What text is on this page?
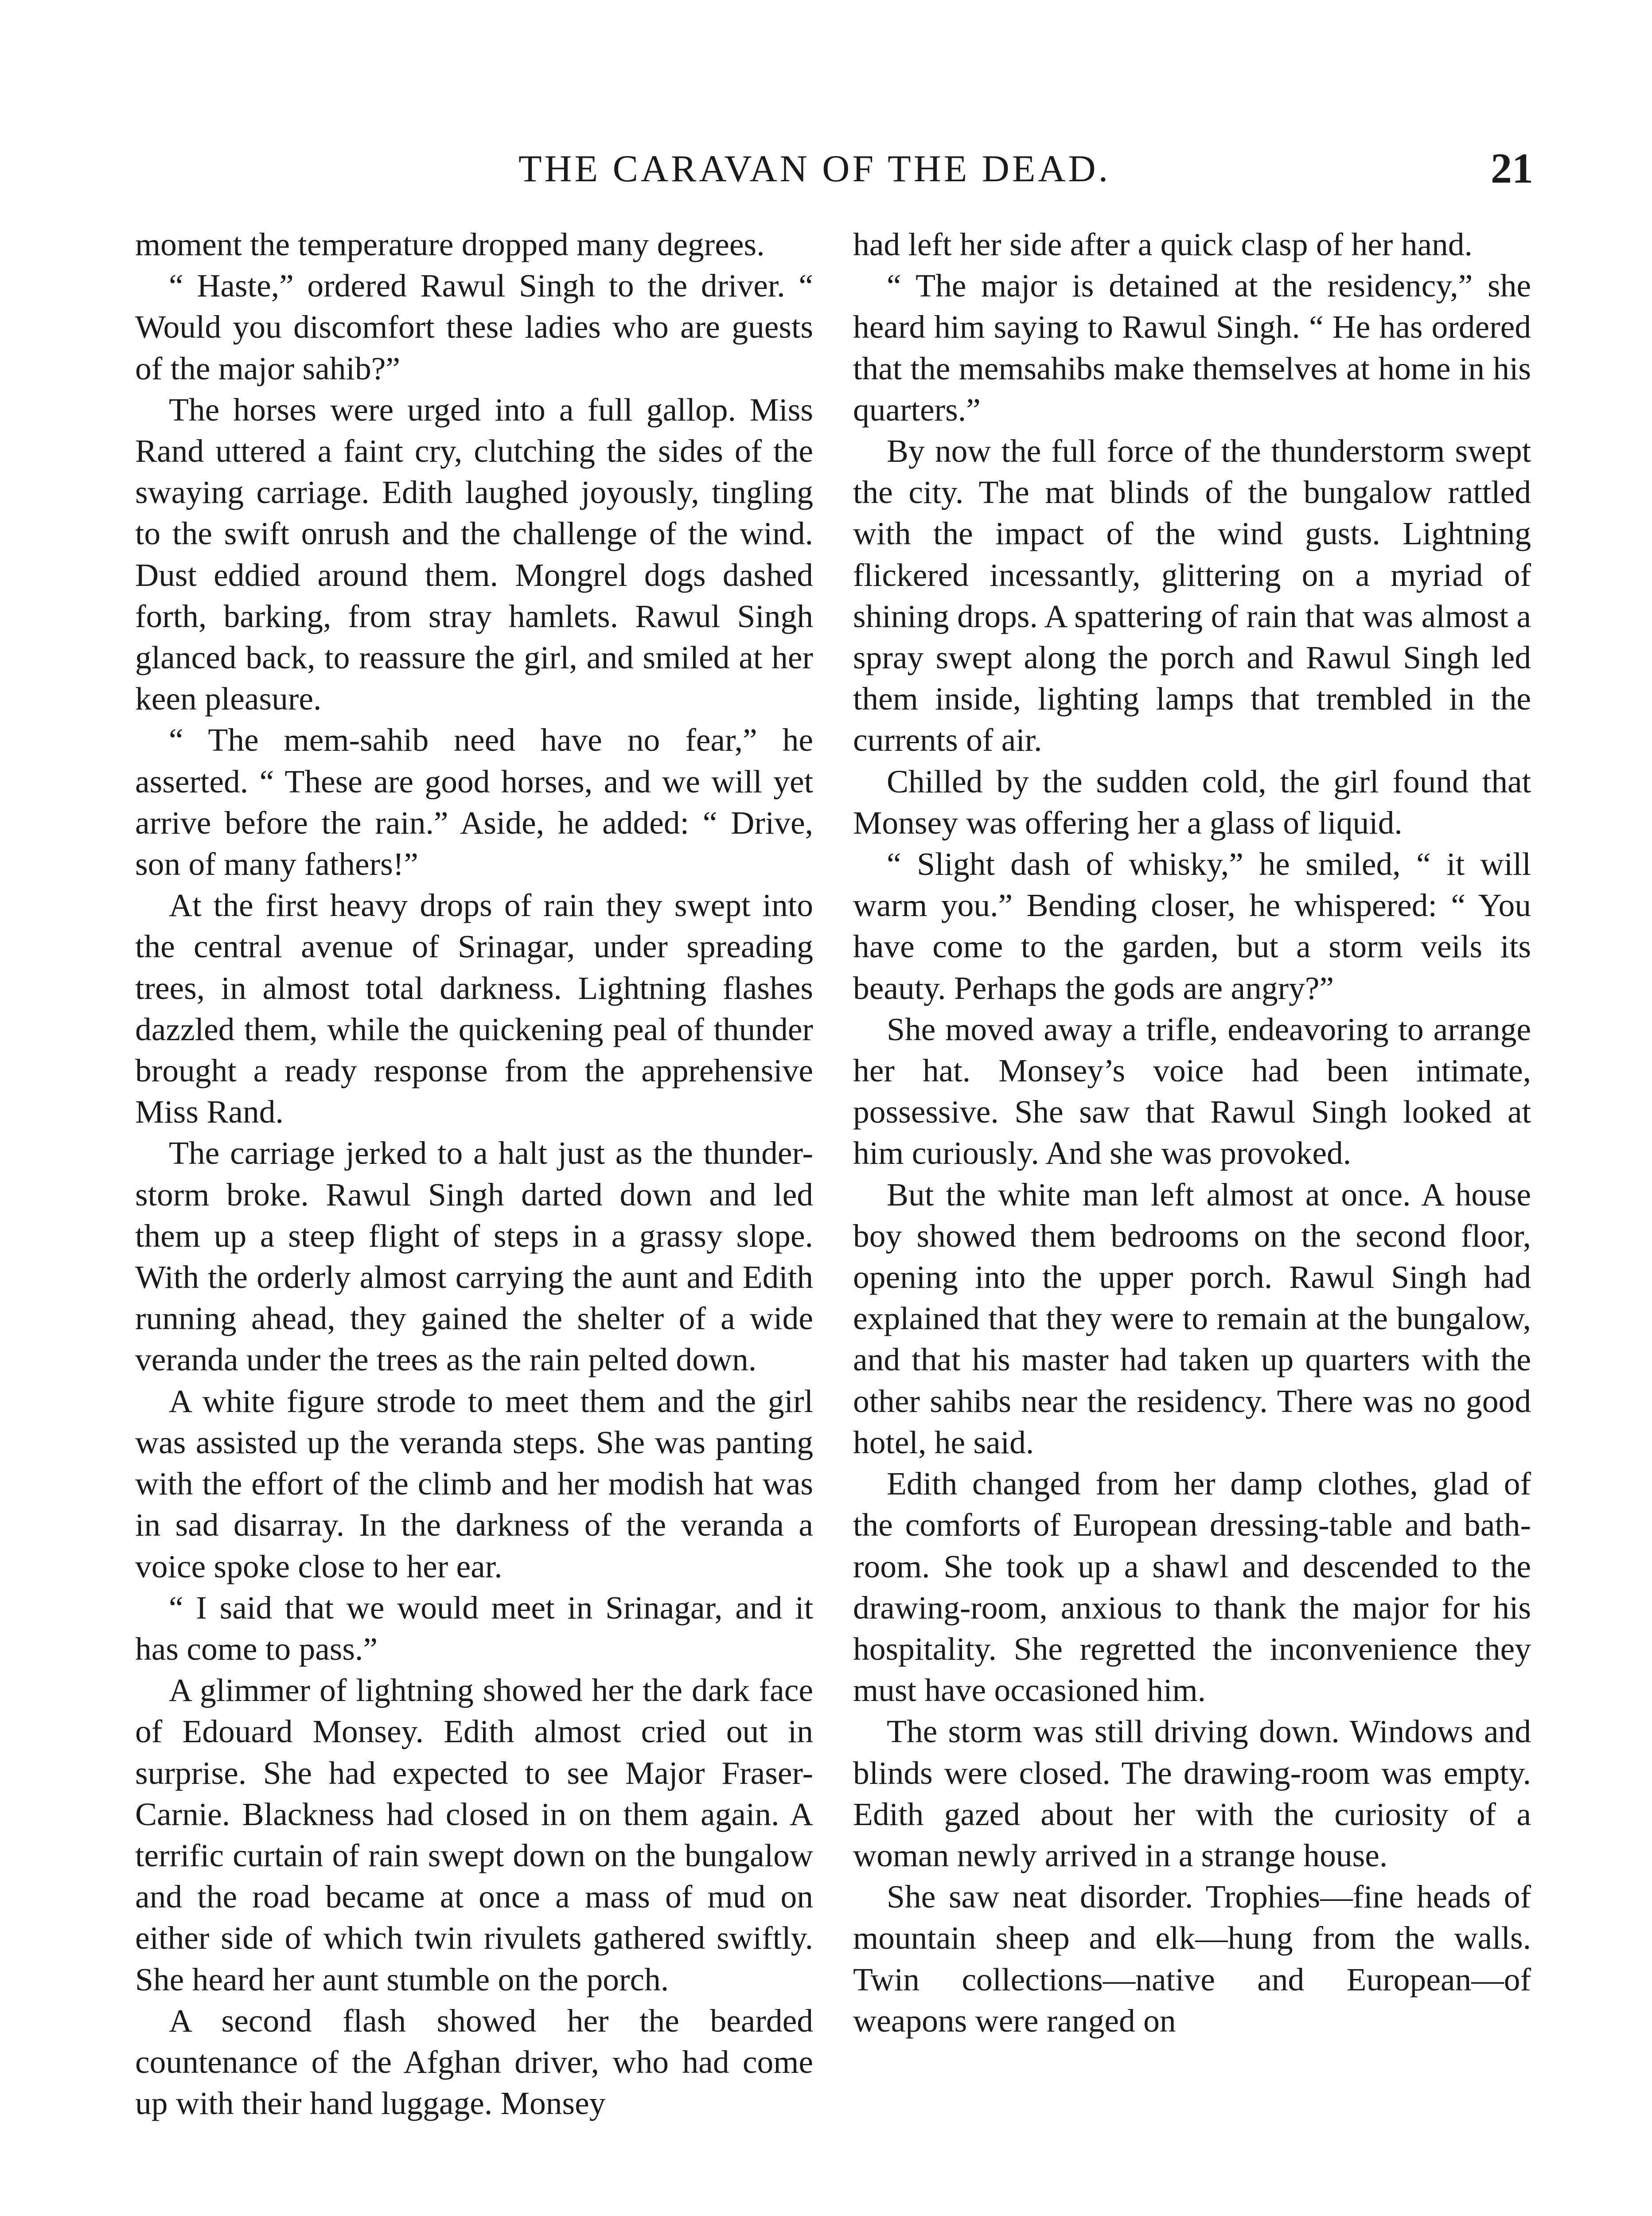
THE CARAVAN OF THE DEAD.	21

moment the temperature dropped many degrees.

“ Haste,” ordered Rawul Singh to the driver. “ Would you discomfort these ladies who are guests of the major sahib?”

The horses were urged into a full gallop. Miss Rand uttered a faint cry, clutching the sides of the swaying carriage. Edith laughed joyously, tingling to the swift onrush and the challenge of the wind. Dust eddied around them. Mongrel dogs dashed forth, barking, from stray hamlets. Rawul Singh glanced back, to reassure the girl, and smiled at her keen pleasure.

“ The mem-sahib need have no fear,” he asserted. “ These are good horses, and we will yet arrive before the rain.” Aside, he added: “ Drive, son of many fathers!”

At the first heavy drops of rain they swept into the central avenue of Srinagar, under spreading trees, in almost total darkness. Lightning flashes dazzled them, while the quickening peal of thunder brought a ready response from the apprehensive Miss Rand.

The carriage jerked to a halt just as the thunder-storm broke. Rawul Singh darted down and led them up a steep flight of steps in a grassy slope. With the orderly almost carrying the aunt and Edith running ahead, they gained the shelter of a wide veranda under the trees as the rain pelted down.

A white figure strode to meet them and the girl was assisted up the veranda steps. She was panting with the effort of the climb and her modish hat was in sad disarray. In the darkness of the veranda a voice spoke close to her ear.

“ I said that we would meet in Srinagar, and it has come to pass.”

A glimmer of lightning showed her the dark face of Edouard Monsey. Edith almost cried out in surprise. She had expected to see Major Fraser-Carnie. Blackness had closed in on them again. A terrific curtain of rain swept down on the bungalow and the road became at once a mass of mud on either side of which twin rivulets gathered swiftly. She heard her aunt stumble on the porch.

A second flash showed her the bearded countenance of the Afghan driver, who had come up with their hand luggage. Monsey

had left her side after a quick clasp of her hand.

“ The major is detained at the residency,” she heard him saying to Rawul Singh. “ He has ordered that the memsahibs make themselves at home in his quarters.”

By now the full force of the thunderstorm swept the city. The mat blinds of the bungalow rattled with the impact of the wind gusts. Lightning flickered incessantly, glittering on a myriad of shining drops. A spattering of rain that was almost a spray swept along the porch and Rawul Singh led them inside, lighting lamps that trembled in the currents of air.

Chilled by the sudden cold, the girl found that Monsey was offering her a glass of liquid.

“ Slight dash of whisky,” he smiled, “ it will warm you.” Bending closer, he whispered: “ You have come to the garden, but a storm veils its beauty. Perhaps the gods are angry?”

She moved away a trifle, endeavoring to arrange her hat. Monsey’s voice had been intimate, possessive. She saw that Rawul Singh looked at him curiously. And she was provoked.

But the white man left almost at once. A house boy showed them bedrooms on the second floor, opening into the upper porch. Rawul Singh had explained that they were to remain at the bungalow, and that his master had taken up quarters with the other sahibs near the residency. There was no good hotel, he said.

Edith changed from her damp clothes, glad of the comforts of European dressing-table and bath-room. She took up a shawl and descended to the drawing-room, anxious to thank the major for his hospitality. She regretted the inconvenience they must have occasioned him.

The storm was still driving down. Windows and blinds were closed. The drawing-room was empty. Edith gazed about her with the curiosity of a woman newly arrived in a strange house.

She saw neat disorder. Trophies—fine heads of mountain sheep and elk—hung from the walls. Twin collections—native and European—of weapons were ranged on
